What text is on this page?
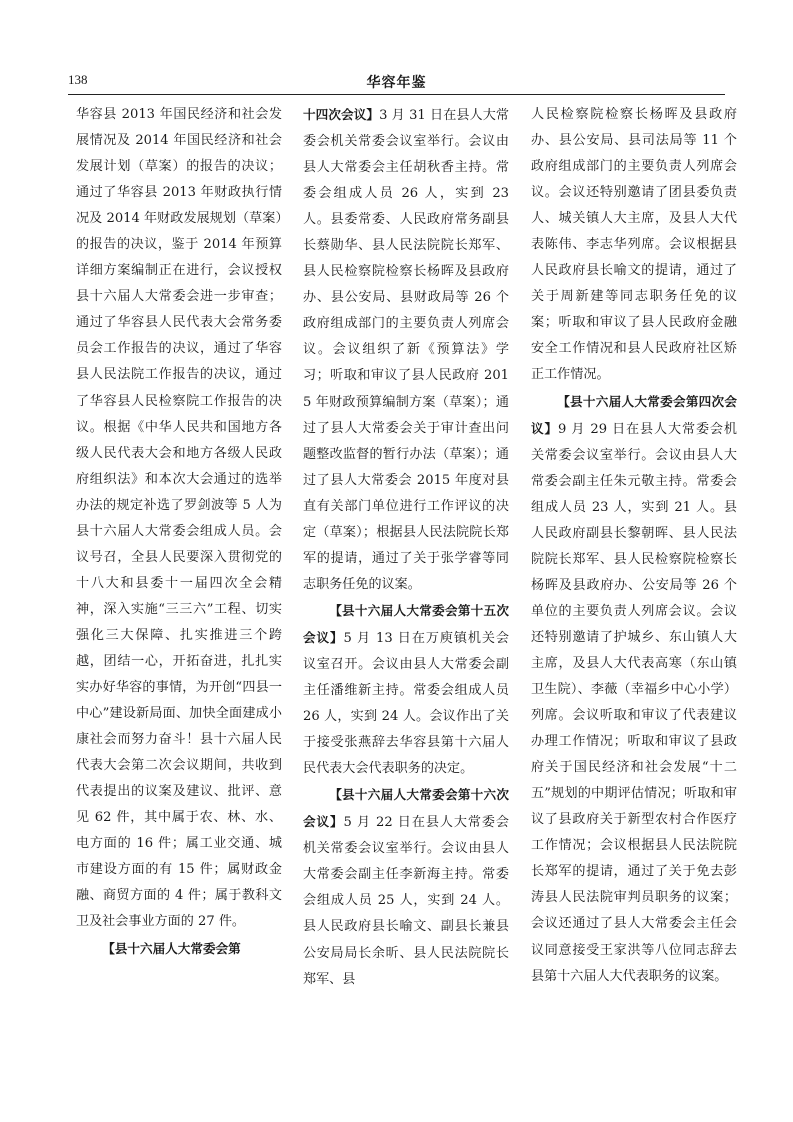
138	华容年鉴

华容县 2013 年国民经济和社会发展情况及 2014 年国民经济和社会发展计划（草案）的报告的决议；通过了华容县 2013 年财政执行情况及 2014 年财政发展规划（草案）的报告的决议，鉴于 2014 年预算详细方案编制正在进行，会议授权县十六届人大常委会进一步审查；通过了华容县人民代表大会常务委员会工作报告的决议，通过了华容县人民法院工作报告的决议，通过了华容县人民检察院工作报告的决议。根据《中华人民共和国地方各级人民代表大会和地方各级人民政府组织法》和本次大会通过的选举办法的规定补选了罗剑波等 5 人为县十六届人大常委会组成人员。会议号召，全县人民要深入贯彻党的十八大和县委十一届四次全会精神，深入实施“三三六”工程、切实强化三大保障、扎实推进三个跨越，团结一心，开拓奋进，扎扎实实办好华容的事情，为开创“四县一中心”建设新局面、加快全面建成小康社会而努力奋斗！县十六届人民代表大会第二次会议期间，共收到代表提出的议案及建议、批评、意见 62 件，其中属于农、林、水、电方面的 16 件；属工业交通、城市建设方面的有 15 件；属财政金融、商贸方面的 4 件；属于教科文卫及社会事业方面的 27 件。

【县十六届人大常委会第

十四次会议】3 月 31 日在县人大常委会机关常委会议室举行。会议由县人大常委会主任胡秋香主持。常委会组成人员 26 人，实到 23 人。县委常委、人民政府常务副县长蔡勋华、县人民法院院长郑军、县人民检察院检察长杨晖及县政府办、县公安局、县财政局等 26 个政府组成部门的主要负责人列席会议。会议组织了新《预算法》学习；听取和审议了县人民政府 2015 年财政预算编制方案（草案）；通过了县人大常委会关于审计查出问题整改监督的暂行办法（草案）；通过了县人大常委会 2015 年度对县直有关部门单位进行工作评议的决定（草案）；根据县人民法院院长郑军的提请，通过了关于张学睿等同志职务任免的议案。

【县十六届人大常委会第十五次会议】5 月 13 日在万庾镇机关会议室召开。会议由县人大常委会副主任潘维新主持。常委会组成人员 26 人，实到 24 人。会议作出了关于接受张燕辞去华容县第十六届人民代表大会代表职务的决定。

【县十六届人大常委会第十六次会议】5 月 22 日在县人大常委会机关常委会议室举行。会议由县人大常委会副主任李新海主持。常委会组成人员 25 人，实到 24 人。县人民政府县长喻文、副县长兼县公安局局长余昕、县人民法院院长郑军、县

人民检察院检察长杨晖及县政府办、县公安局、县司法局等 11 个政府组成部门的主要负责人列席会议。会议还特别邀请了团县委负责人、城关镇人大主席，及县人大代表陈伟、李志华列席。会议根据县人民政府县长喻文的提请，通过了关于周新建等同志职务任免的议案；听取和审议了县人民政府金融安全工作情况和县人民政府社区矫正工作情况。

【县十六届人大常委会第四次会议】9 月 29 日在县人大常委会机关常委会议室举行。会议由县人大常委会副主任朱元敬主持。常委会组成人员 23 人，实到 21 人。县人民政府副县长黎朝晖、县人民法院院长郑军、县人民检察院检察长杨晖及县政府办、公安局等 26 个单位的主要负责人列席会议。会议还特别邀请了护城乡、东山镇人大主席，及县人大代表高寒（东山镇卫生院）、李薇（幸福乡中心小学）列席。会议听取和审议了代表建议办理工作情况；听取和审议了县政府关于国民经济和社会发展“十二五”规划的中期评估情况；听取和审议了县政府关于新型农村合作医疗工作情况；会议根据县人民法院院长郑军的提请，通过了关于免去彭涛县人民法院审判员职务的议案；会议还通过了县人大常委会主任会议同意接受王家洪等八位同志辞去县第十六届人大代表职务的议案。
